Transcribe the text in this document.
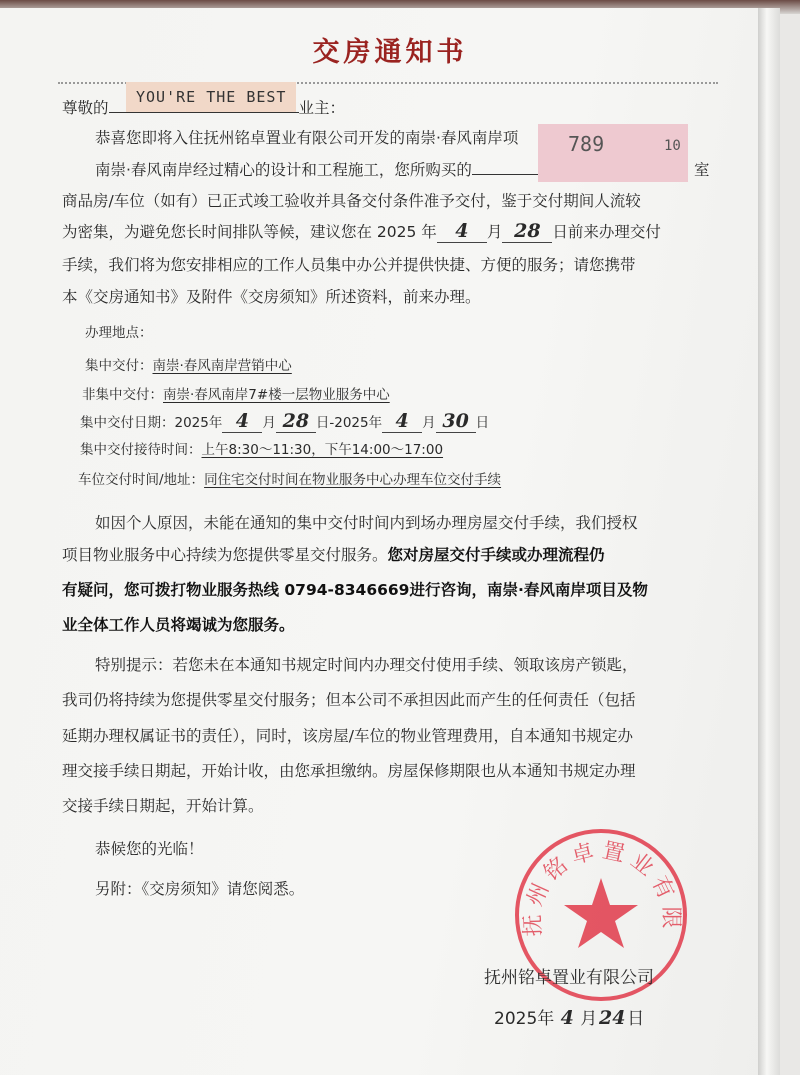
交房通知书
尊敬的	业主：
YOU'RE THE BEST
恭喜您即将入住抚州铭卓置业有限公司开发的南崇·春风南岸项
南崇·春风南岸经过精心的设计和工程施工，您所购买的
789	10
室
商品房/车位（如有）已正式竣工验收并具备交付条件准予交付，鉴于交付期间人流较
为密集，为避免您长时间排队等候，建议您在 2025 年 4 月 28 日前来办理交付
手续，我们将为您安排相应的工作人员集中办公并提供快捷、方便的服务；请您携带
本《交房通知书》及附件《交房须知》所述资料，前来办理。
办理地点：
集中交付：南崇·春风南岸营销中心
非集中交付：南崇·春风南岸7#楼一层物业服务中心
集中交付日期：2025年 4 月 28 日-2025年 4 月 30 日
集中交付接待时间：上午8:30～11:30，下午14:00～17:00
车位交付时间/地址：同住宅交付时间在物业服务中心办理车位交付手续
如因个人原因，未能在通知的集中交付时间内到场办理房屋交付手续，我们授权
项目物业服务中心持续为您提供零星交付服务。您对房屋交付手续或办理流程仍
有疑问，您可拨打物业服务热线 0794-8346669进行咨询，南崇·春风南岸项目及物
业全体工作人员将竭诚为您服务。
特别提示：若您未在本通知书规定时间内办理交付使用手续、领取该房产锁匙，
我司仍将持续为您提供零星交付服务；但本公司不承担因此而产生的任何责任（包括
延期办理权属证书的责任），同时，该房屋/车位的物业管理费用，自本通知书规定办
理交接手续日期起，开始计收，由您承担缴纳。房屋保修期限也从本通知书规定办理
交接手续日期起，开始计算。
恭候您的光临！
另附：《交房须知》请您阅悉。
抚州铭卓置业有限
抚州铭卓置业有限公司
2025年 4 月24 日
